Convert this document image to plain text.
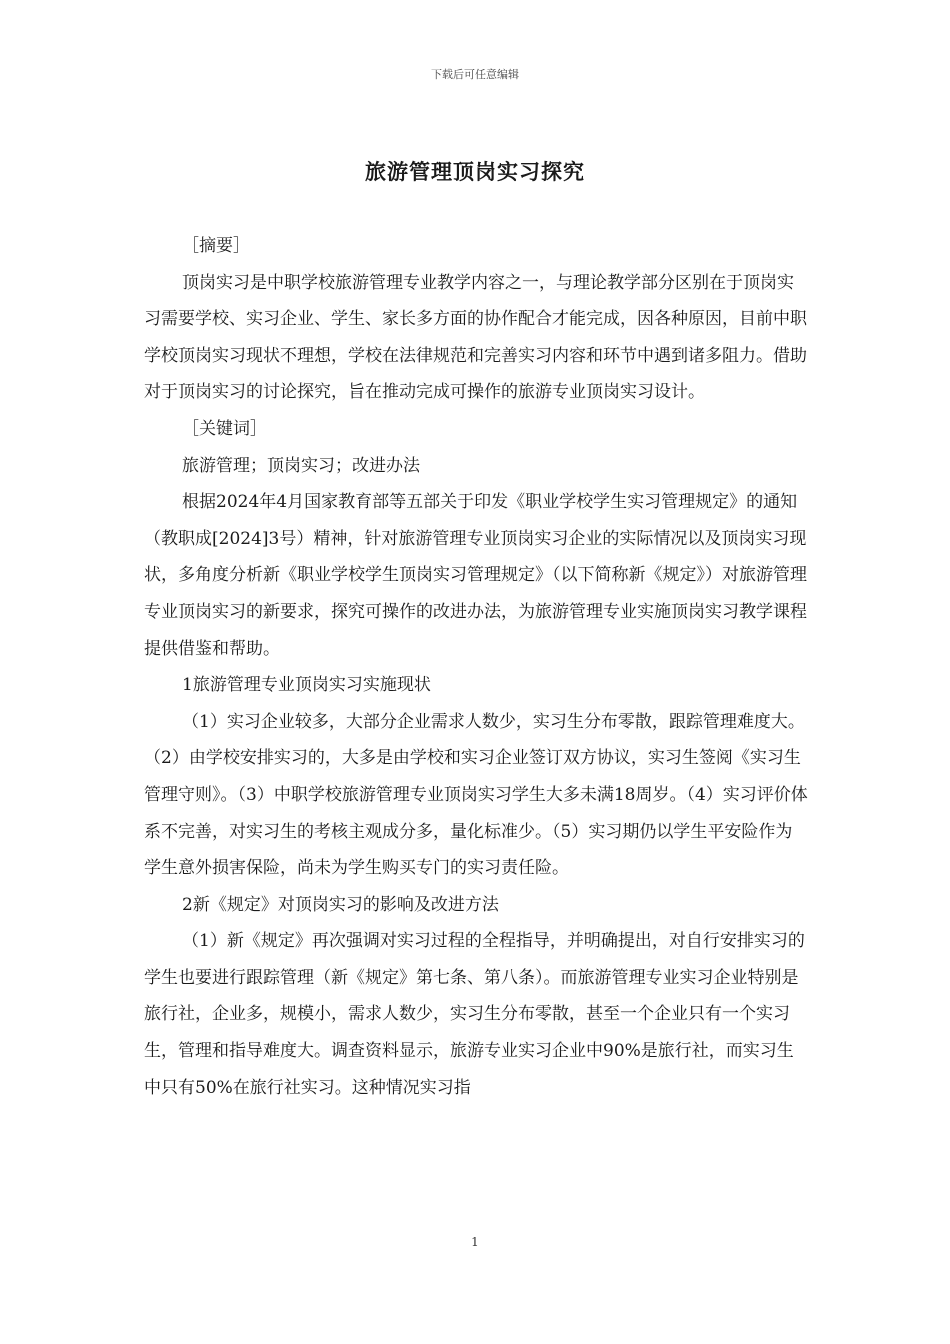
下载后可任意编辑
旅游管理顶岗实习探究

［摘要］

顶岗实习是中职学校旅游管理专业教学内容之一，与理论教学部分区别在于顶岗实习需要学校、实习企业、学生、家长多方面的协作配合才能完成，因各种原因，目前中职学校顶岗实习现状不理想，学校在法律规范和完善实习内容和环节中遇到诸多阻力。借助对于顶岗实习的讨论探究，旨在推动完成可操作的旅游专业顶岗实习设计。

［关键词］

旅游管理；顶岗实习；改进办法

根据2024年4月国家教育部等五部关于印发《职业学校学生实习管理规定》的通知（教职成[2024]3号）精神，针对旅游管理专业顶岗实习企业的实际情况以及顶岗实习现状，多角度分析新《职业学校学生顶岗实习管理规定》（以下简称新《规定》）对旅游管理专业顶岗实习的新要求，探究可操作的改进办法，为旅游管理专业实施顶岗实习教学课程提供借鉴和帮助。

1旅游管理专业顶岗实习实施现状

（1）实习企业较多，大部分企业需求人数少，实习生分布零散，跟踪管理难度大。（2）由学校安排实习的，大多是由学校和实习企业签订双方协议，实习生签阅《实习生管理守则》。（3）中职学校旅游管理专业顶岗实习学生大多未满18周岁。（4）实习评价体系不完善，对实习生的考核主观成分多，量化标准少。（5）实习期仍以学生平安险作为学生意外损害保险，尚未为学生购买专门的实习责任险。

2新《规定》对顶岗实习的影响及改进方法

（1）新《规定》再次强调对实习过程的全程指导，并明确提出，对自行安排实习的学生也要进行跟踪管理（新《规定》第七条、第八条）。而旅游管理专业实习企业特别是旅行社，企业多，规模小，需求人数少，实习生分布零散，甚至一个企业只有一个实习生，管理和指导难度大。调查资料显示，旅游专业实习企业中90%是旅行社，而实习生中只有50%在旅行社实习。这种情况实习指

1
